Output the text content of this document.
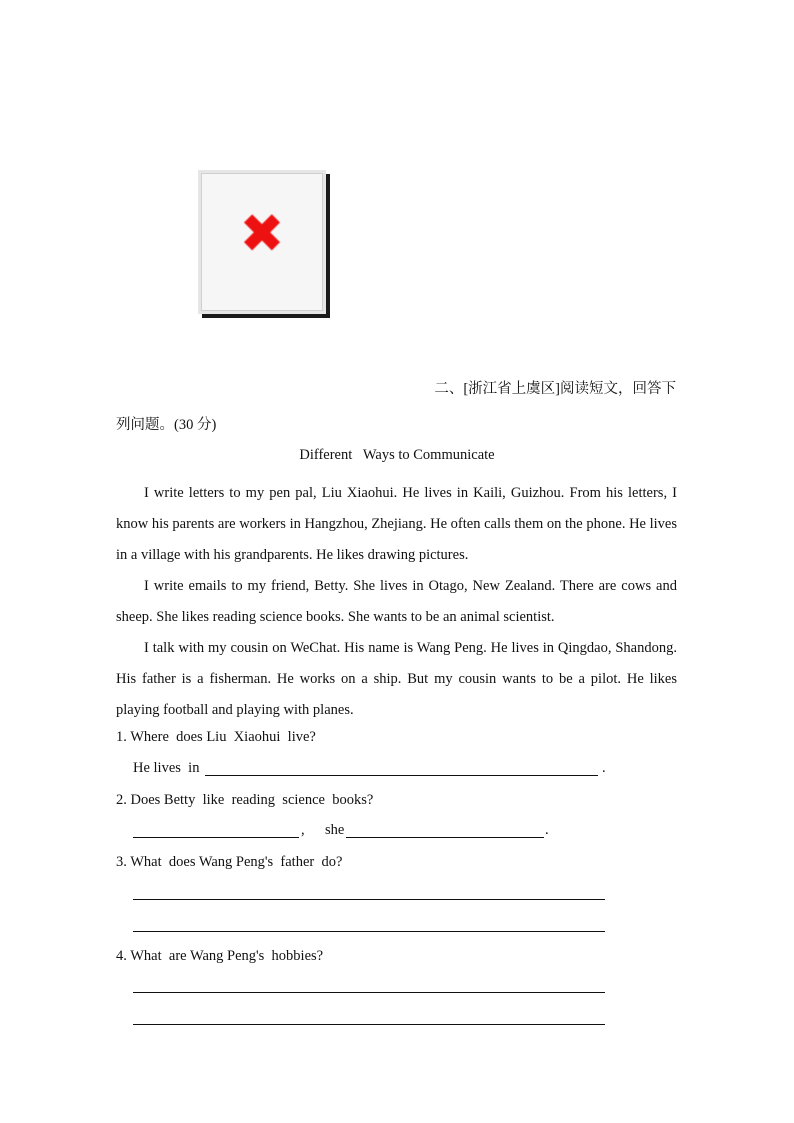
✖
二、[浙江省上虞区]阅读短文，回答下
列问题。(30 分)
Different   Ways to Communicate

I write letters to my pen pal, Liu Xiaohui. He lives in Kaili, Guizhou. From his letters, I know his parents are workers in Hangzhou, Zhejiang. He often calls them on the phone. He lives in a village with his grandparents. He likes drawing pictures.

I write emails to my friend, Betty. She lives in Otago, New Zealand. There are cows and sheep. She likes reading science books. She wants to be an animal scientist.

I talk with my cousin on WeChat. His name is Wang Peng. He lives in Qingdao, Shandong. His father is a fisherman. He works on a ship. But my cousin wants to be a pilot. He likes playing football and playing with planes.

1. Where  does Liu  Xiaohui  live?
He lives  in	.
2. Does Betty  like  reading  science  books?
, she	.
3. What  does Wang Peng's  father  do?
4. What  are Wang Peng's  hobbies?
